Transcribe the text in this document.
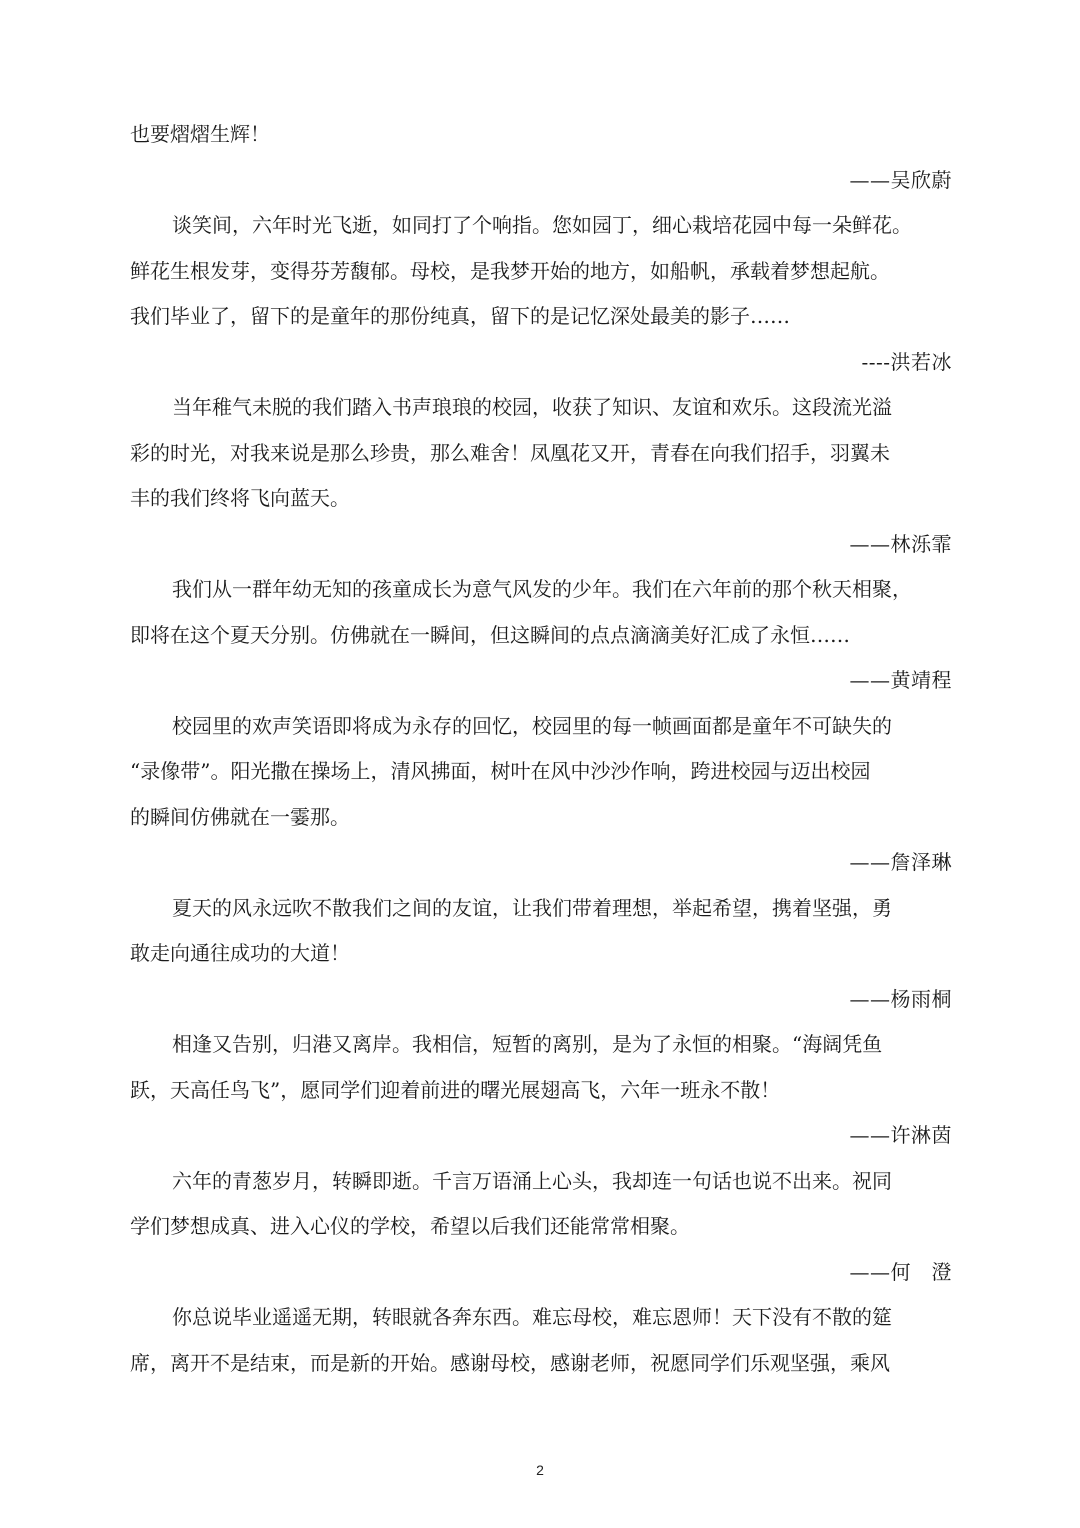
也要熠熠生辉！

——吴欣蔚

谈笑间，六年时光飞逝，如同打了个响指。您如园丁，细心栽培花园中每一朵鲜花。

鲜花生根发芽，变得芬芳馥郁。母校，是我梦开始的地方，如船帆，承载着梦想起航。

我们毕业了，留下的是童年的那份纯真，留下的是记忆深处最美的影子……

----洪若冰

当年稚气未脱的我们踏入书声琅琅的校园，收获了知识、友谊和欢乐。这段流光溢

彩的时光，对我来说是那么珍贵，那么难舍！凤凰花又开，青春在向我们招手，羽翼未

丰的我们终将飞向蓝天。

——林泺霏

我们从一群年幼无知的孩童成长为意气风发的少年。我们在六年前的那个秋天相聚，

即将在这个夏天分别。仿佛就在一瞬间，但这瞬间的点点滴滴美好汇成了永恒……

——黄靖程

校园里的欢声笑语即将成为永存的回忆，校园里的每一帧画面都是童年不可缺失的

“录像带”。阳光撒在操场上，清风拂面，树叶在风中沙沙作响，跨进校园与迈出校园

的瞬间仿佛就在一霎那。

——詹泽琳

夏天的风永远吹不散我们之间的友谊，让我们带着理想，举起希望，携着坚强，勇

敢走向通往成功的大道！

——杨雨桐

相逢又告别，归港又离岸。我相信，短暂的离别，是为了永恒的相聚。“海阔凭鱼

跃，天高任鸟飞”，愿同学们迎着前进的曙光展翅高飞，六年一班永不散！

——许淋茵

六年的青葱岁月，转瞬即逝。千言万语涌上心头，我却连一句话也说不出来。祝同

学们梦想成真、进入心仪的学校，希望以后我们还能常常相聚。

——何　澄

你总说毕业遥遥无期，转眼就各奔东西。难忘母校，难忘恩师！天下没有不散的筵

席，离开不是结束，而是新的开始。感谢母校，感谢老师，祝愿同学们乐观坚强，乘风

2
